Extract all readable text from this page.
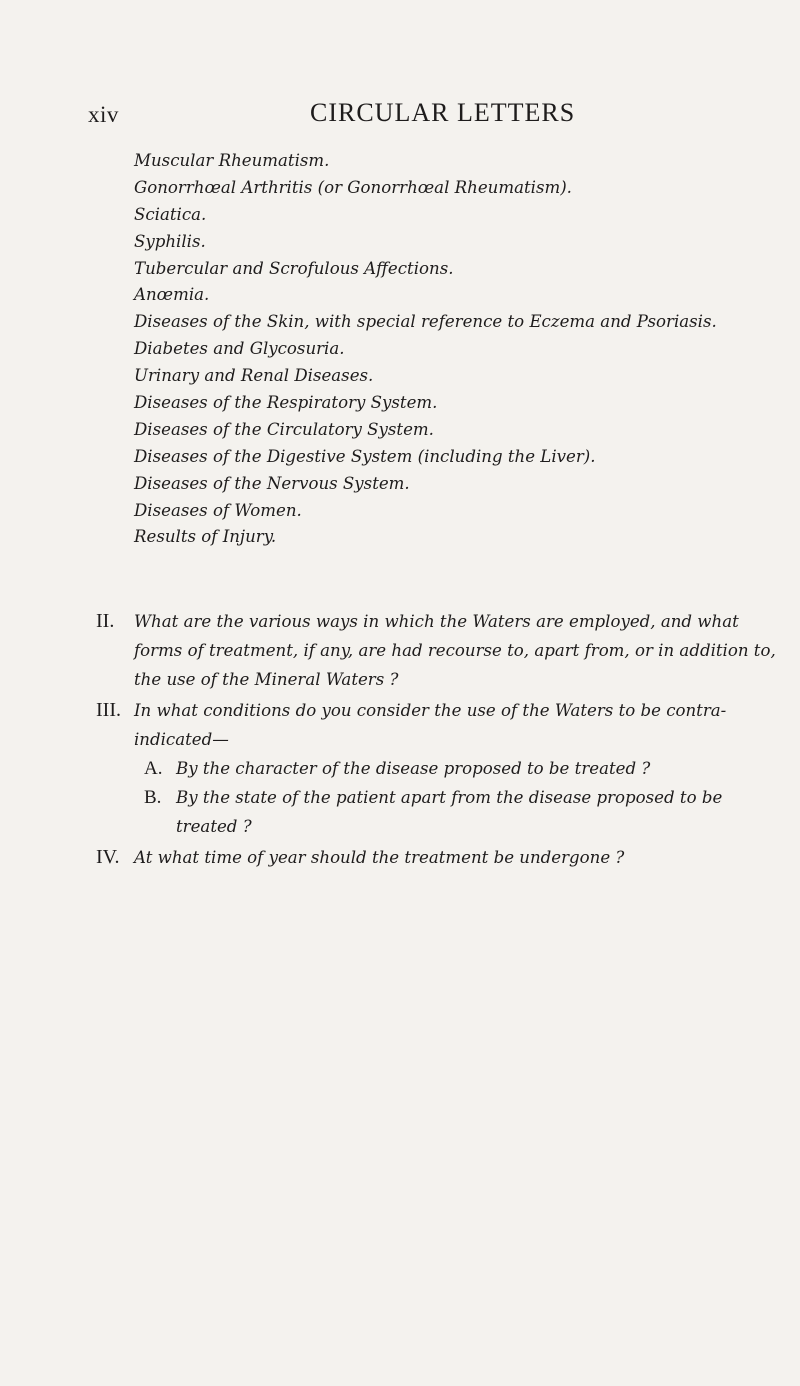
xiv	CIRCULAR LETTERS
Muscular Rheumatism.
Gonorrhœal Arthritis (or Gonorrhœal Rheumatism).
Sciatica.
Syphilis.
Tubercular and Scrofulous Affections.
Anœmia.
Diseases of the Skin, with special reference to Eczema and Psoriasis.
Diabetes and Glycosuria.
Urinary and Renal Diseases.
Diseases of the Respiratory System.
Diseases of the Circulatory System.
Diseases of the Digestive System (including the Liver).
Diseases of the Nervous System.
Diseases of Women.
Results of Injury.
II. What are the various ways in which the Waters are employed, and what forms of treatment, if any, are had recourse to, apart from, or in addition to, the use of the Mineral Waters ?
III. In what conditions do you consider the use of the Waters to be contra-indicated—
A. By the character of the disease proposed to be treated ?
B. By the state of the patient apart from the disease proposed to be treated ?
IV. At what time of year should the treatment be undergone ?
